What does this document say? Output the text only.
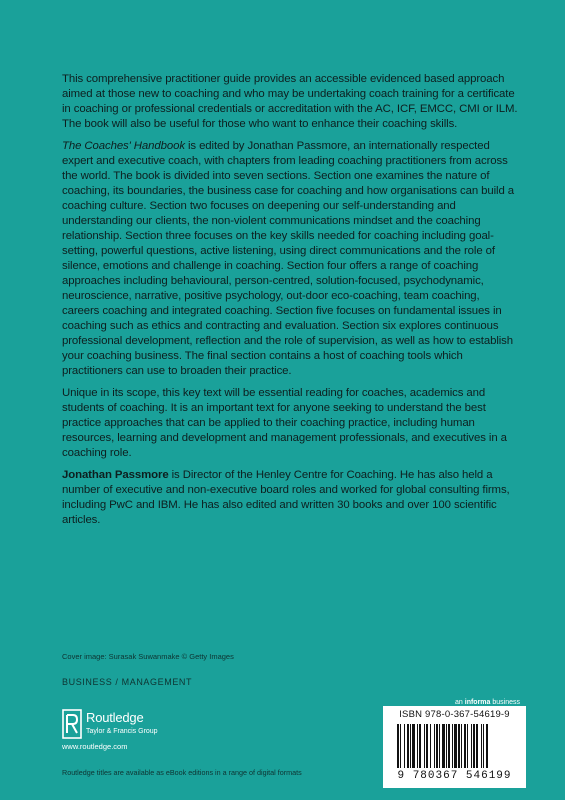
This comprehensive practitioner guide provides an accessible evidenced based approach aimed at those new to coaching and who may be undertaking coach training for a certificate in coaching or professional credentials or accreditation with the AC, ICF, EMCC, CMI or ILM. The book will also be useful for those who want to enhance their coaching skills.

The Coaches' Handbook is edited by Jonathan Passmore, an internationally respected expert and executive coach, with chapters from leading coaching practitioners from across the world. The book is divided into seven sections. Section one examines the nature of coaching, its boundaries, the business case for coaching and how organisations can build a coaching culture. Section two focuses on deepening our self-understanding and understanding our clients, the non-violent communications mindset and the coaching relationship. Section three focuses on the key skills needed for coaching including goal-setting, powerful questions, active listening, using direct communications and the role of silence, emotions and challenge in coaching. Section four offers a range of coaching approaches including behavioural, person-centred, solution-focused, psychodynamic, neuroscience, narrative, positive psychology, out-door eco-coaching, team coaching, careers coaching and integrated coaching. Section five focuses on fundamental issues in coaching such as ethics and contracting and evaluation. Section six explores continuous professional development, reflection and the role of supervision, as well as how to establish your coaching business. The final section contains a host of coaching tools which practitioners can use to broaden their practice.

Unique in its scope, this key text will be essential reading for coaches, academics and students of coaching. It is an important text for anyone seeking to understand the best practice approaches that can be applied to their coaching practice, including human resources, learning and development and management professionals, and executives in a coaching role.

Jonathan Passmore is Director of the Henley Centre for Coaching. He has also held a number of executive and non-executive board roles and worked for global consulting firms, including PwC and IBM. He has also edited and written 30 books and over 100 scientific articles.

Cover image: Surasak Suwanmake © Getty Images
BUSINESS / MANAGEMENT
Routledge
Taylor & Francis Group
www.routledge.com
Routledge titles are available as eBook editions in a range of digital formats
an informa business
ISBN 978-0-367-54619-9
9 780367 546199
